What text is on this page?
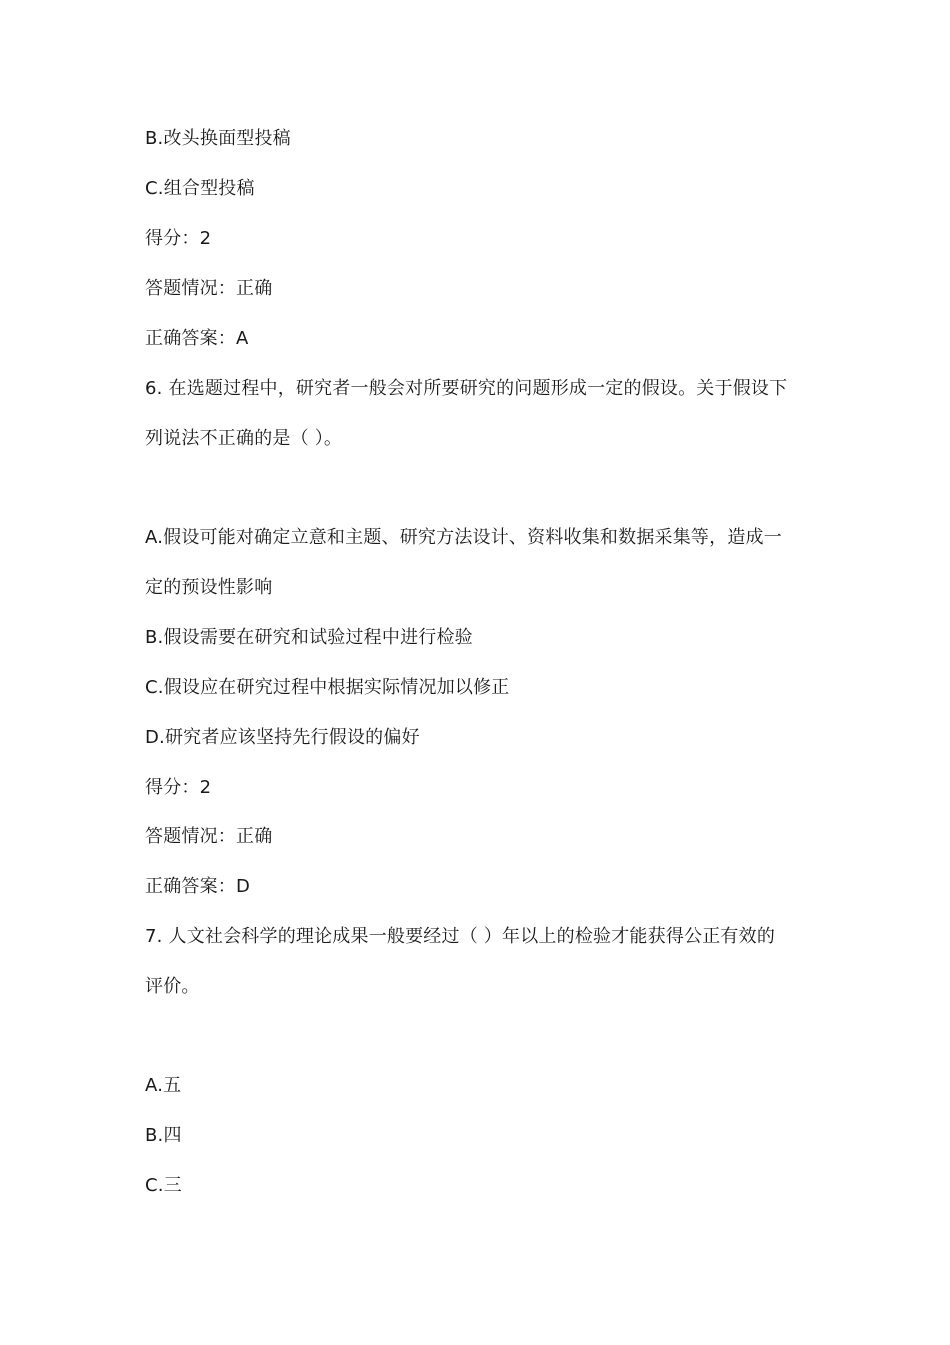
B.改头换面型投稿
C.组合型投稿
得分：2
答题情况：正确
正确答案：A
6. 在选题过程中，研究者一般会对所要研究的问题形成一定的假设。关于假设下
列说法不正确的是（ ）。
A.假设可能对确定立意和主题、研究方法设计、资料收集和数据采集等，造成一
定的预设性影响
B.假设需要在研究和试验过程中进行检验
C.假设应在研究过程中根据实际情况加以修正
D.研究者应该坚持先行假设的偏好
得分：2
答题情况：正确
正确答案：D
7. 人文社会科学的理论成果一般要经过（ ）年以上的检验才能获得公正有效的
评价。
A.五
B.四
C.三
